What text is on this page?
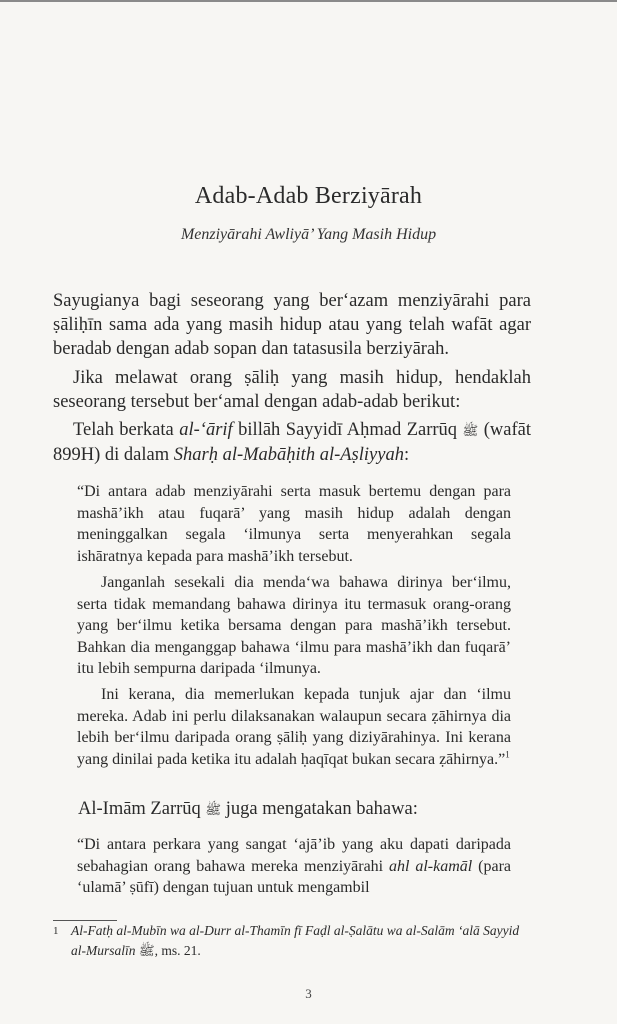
Adab-Adab Berziyārah
Menziyārahi Awliyā’ Yang Masih Hidup
Sayugianya bagi seseorang yang ber‘azam menziyārahi para ṣāliḥīn sama ada yang masih hidup atau yang telah wafāt agar beradab dengan adab sopan dan tatasusila berziyārah.
Jika melawat orang ṣāliḥ yang masih hidup, hendaklah seseorang tersebut ber‘amal dengan adab-adab berikut:
Telah berkata al-‘ārif billāh Sayyidī Aḥmad Zarrūq ﷺ (wafāt 899H) di dalam Sharḥ al-Mabāḥith al-Aṣliyyah:
“Di antara adab menziyārahi serta masuk bertemu dengan para mashā’ikh atau fuqarā’ yang masih hidup adalah dengan meninggalkan segala ‘ilmunya serta menyerahkan segala ishāratnya kepada para mashā’ikh tersebut.
Janganlah sesekali dia menda‘wa bahawa dirinya ber‘ilmu, serta tidak memandang bahawa dirinya itu termasuk orang-orang yang ber‘ilmu ketika bersama dengan para mashā’ikh tersebut. Bahkan dia menganggap bahawa ‘ilmu para mashā’ikh dan fuqarā’ itu lebih sempurna daripada ‘ilmunya.
Ini kerana, dia memerlukan kepada tunjuk ajar dan ‘ilmu mereka. Adab ini perlu dilaksanakan walaupun secara ẓāhirnya dia lebih ber‘ilmu daripada orang ṣāliḥ yang diziyārahinya. Ini kerana yang dinilai pada ketika itu adalah ḥaqīqat bukan secara ẓāhirnya.”$^1$
Al-Imām Zarrūq ﷺ juga mengatakan bahawa:
“Di antara perkara yang sangat ‘ajā’ib yang aku dapati daripada sebahagian orang bahawa mereka menziyārahi ahl al-kamāl (para ‘ulamā’ ṣūfī) dengan tujuan untuk mengambil
1 Al-Fatḥ al-Mubīn wa al-Durr al-Thamīn fī Faḍl al-Ṣalātu wa al-Salām ‘alā Sayyid al-Mursalīn ﷺ, ms. 21.
3
